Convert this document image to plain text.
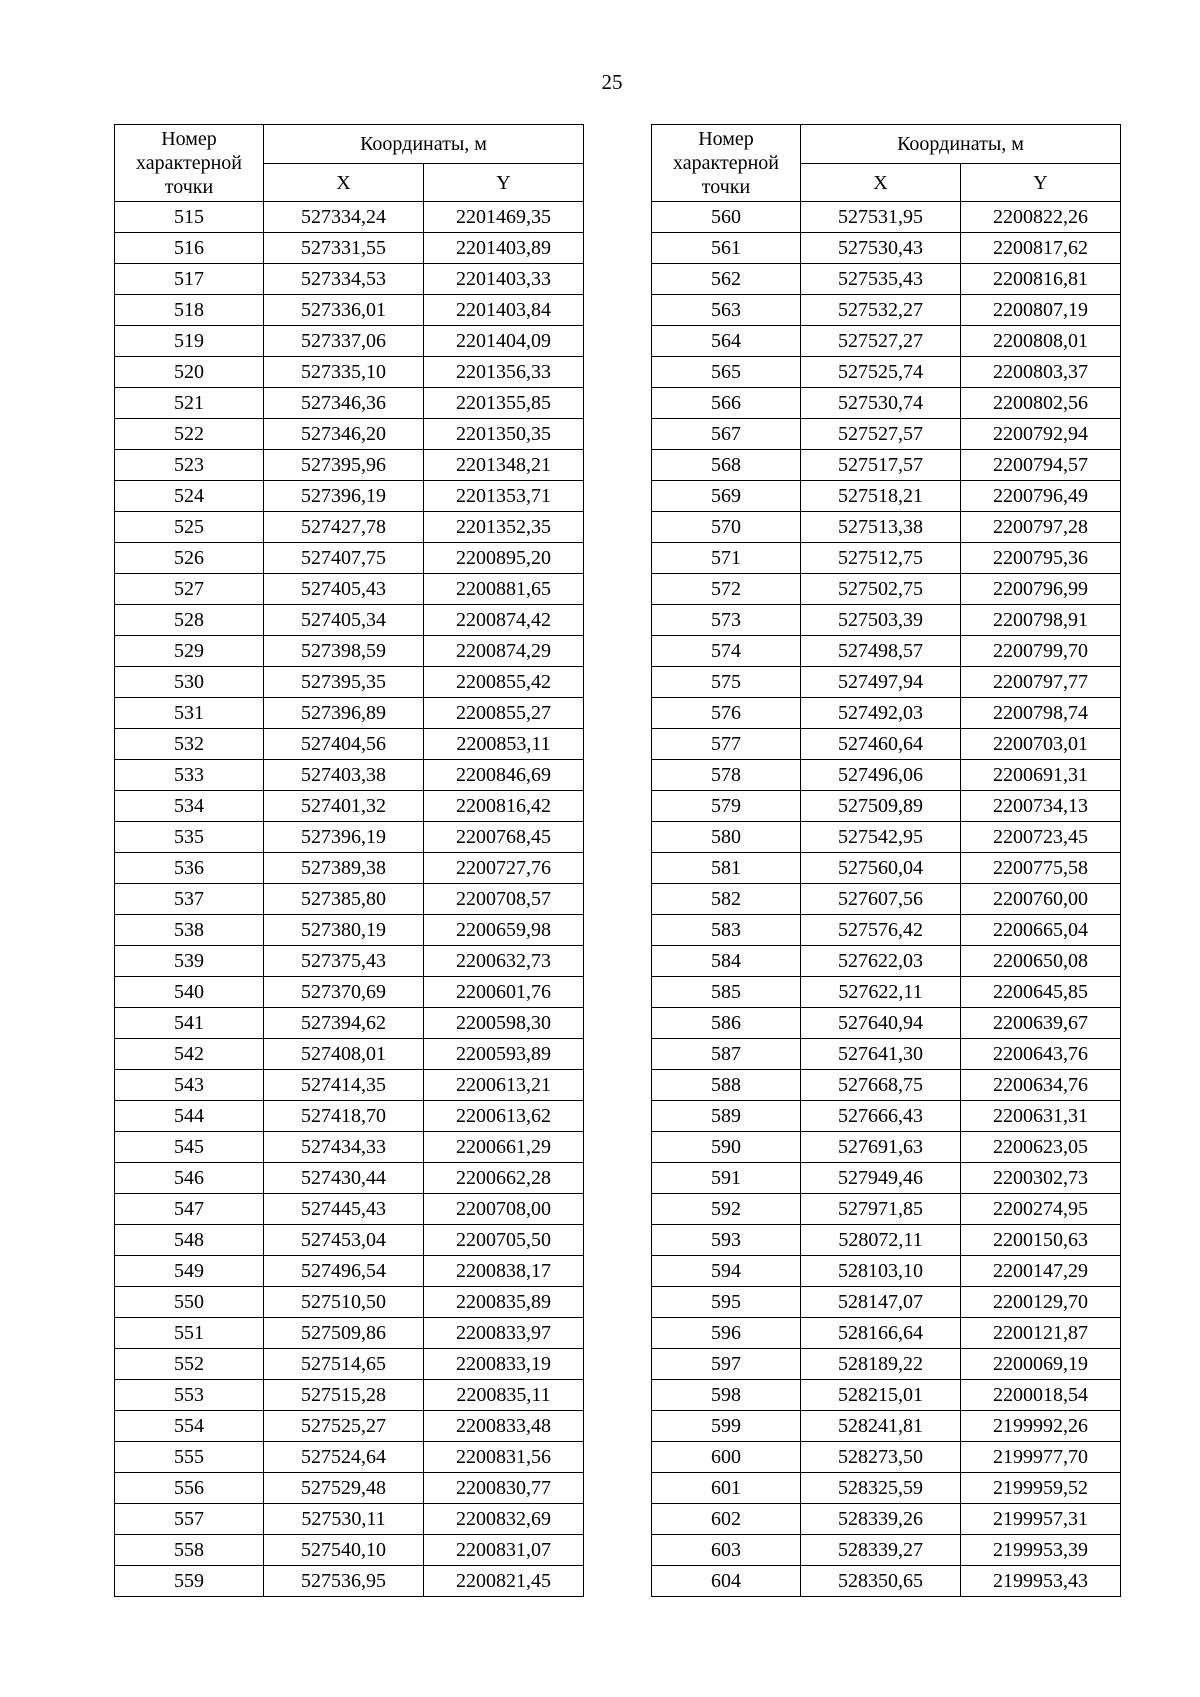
25
Номер характерной точки	Координаты, м	
	X	Y
515	527334,24	2201469,35
516	527331,55	2201403,89
517	527334,53	2201403,33
518	527336,01	2201403,84
519	527337,06	2201404,09
520	527335,10	2201356,33
521	527346,36	2201355,85
522	527346,20	2201350,35
523	527395,96	2201348,21
524	527396,19	2201353,71
525	527427,78	2201352,35
526	527407,75	2200895,20
527	527405,43	2200881,65
528	527405,34	2200874,42
529	527398,59	2200874,29
530	527395,35	2200855,42
531	527396,89	2200855,27
532	527404,56	2200853,11
533	527403,38	2200846,69
534	527401,32	2200816,42
535	527396,19	2200768,45
536	527389,38	2200727,76
537	527385,80	2200708,57
538	527380,19	2200659,98
539	527375,43	2200632,73
540	527370,69	2200601,76
541	527394,62	2200598,30
542	527408,01	2200593,89
543	527414,35	2200613,21
544	527418,70	2200613,62
545	527434,33	2200661,29
546	527430,44	2200662,28
547	527445,43	2200708,00
548	527453,04	2200705,50
549	527496,54	2200838,17
550	527510,50	2200835,89
551	527509,86	2200833,97
552	527514,65	2200833,19
553	527515,28	2200835,11
554	527525,27	2200833,48
555	527524,64	2200831,56
556	527529,48	2200830,77
557	527530,11	2200832,69
558	527540,10	2200831,07
559	527536,95	2200821,45
Номер характерной точки	Координаты, м	
	X	Y
560	527531,95	2200822,26
561	527530,43	2200817,62
562	527535,43	2200816,81
563	527532,27	2200807,19
564	527527,27	2200808,01
565	527525,74	2200803,37
566	527530,74	2200802,56
567	527527,57	2200792,94
568	527517,57	2200794,57
569	527518,21	2200796,49
570	527513,38	2200797,28
571	527512,75	2200795,36
572	527502,75	2200796,99
573	527503,39	2200798,91
574	527498,57	2200799,70
575	527497,94	2200797,77
576	527492,03	2200798,74
577	527460,64	2200703,01
578	527496,06	2200691,31
579	527509,89	2200734,13
580	527542,95	2200723,45
581	527560,04	2200775,58
582	527607,56	2200760,00
583	527576,42	2200665,04
584	527622,03	2200650,08
585	527622,11	2200645,85
586	527640,94	2200639,67
587	527641,30	2200643,76
588	527668,75	2200634,76
589	527666,43	2200631,31
590	527691,63	2200623,05
591	527949,46	2200302,73
592	527971,85	2200274,95
593	528072,11	2200150,63
594	528103,10	2200147,29
595	528147,07	2200129,70
596	528166,64	2200121,87
597	528189,22	2200069,19
598	528215,01	2200018,54
599	528241,81	2199992,26
600	528273,50	2199977,70
601	528325,59	2199959,52
602	528339,26	2199957,31
603	528339,27	2199953,39
604	528350,65	2199953,43
